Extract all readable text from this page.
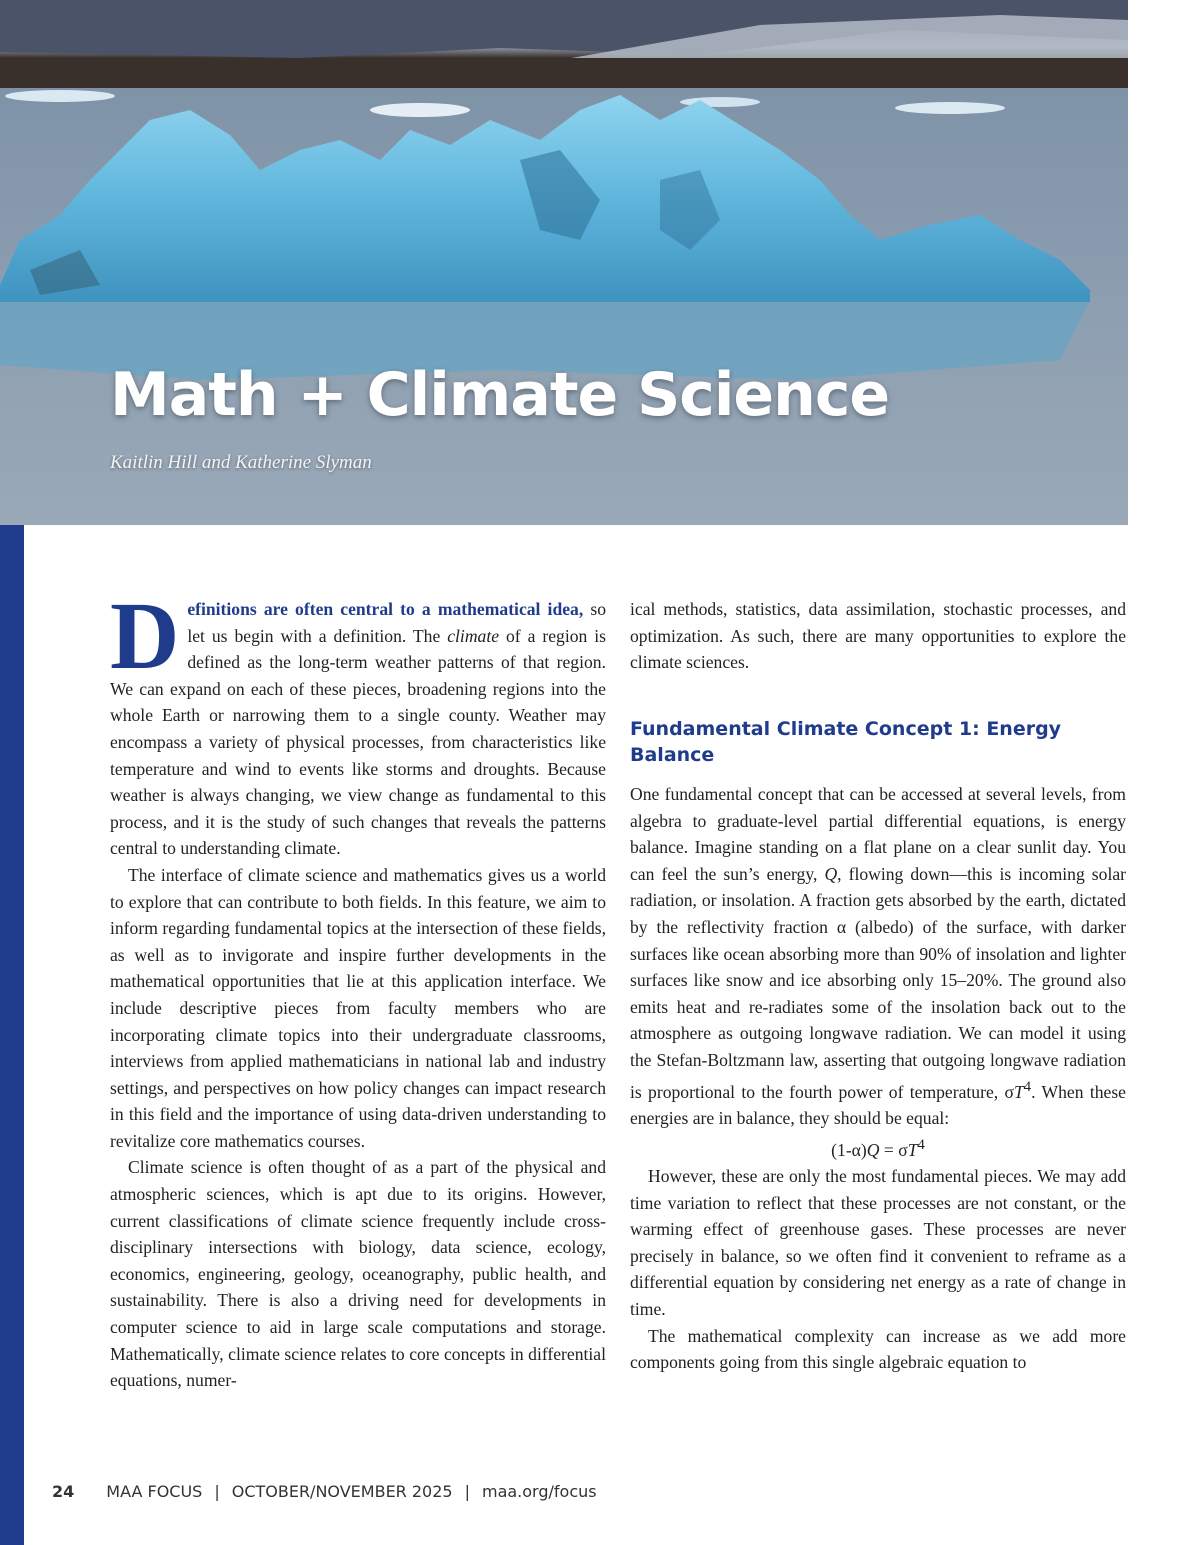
Math + Climate Science

Kaitlin Hill and Katherine Slyman

Definitions are often central to a mathematical idea, so let us begin with a definition. The climate of a region is defined as the long-term weather patterns of that region. We can expand on each of these pieces, broadening regions into the whole Earth or narrowing them to a single county. Weather may encompass a variety of physical processes, from characteristics like temperature and wind to events like storms and droughts. Because weather is always changing, we view change as fundamental to this process, and it is the study of such changes that reveals the patterns central to understanding climate.

The interface of climate science and mathematics gives us a world to explore that can contribute to both fields. In this feature, we aim to inform regarding fundamental topics at the intersection of these fields, as well as to invigorate and inspire further developments in the mathematical opportunities that lie at this application interface. We include descriptive pieces from faculty members who are incorporating climate topics into their undergraduate classrooms, interviews from applied mathematicians in national lab and industry settings, and perspectives on how policy changes can impact research in this field and the importance of using data-driven understanding to revitalize core mathematics courses.

Climate science is often thought of as a part of the physical and atmospheric sciences, which is apt due to its origins. However, current classifications of climate science frequently include cross-disciplinary intersections with biology, data science, ecology, economics, engineering, geology, oceanography, public health, and sustainability. There is also a driving need for developments in computer science to aid in large scale computations and storage. Mathematically, climate science relates to core concepts in differential equations, numer-

ical methods, statistics, data assimilation, stochastic processes, and optimization. As such, there are many opportunities to explore the climate sciences.

Fundamental Climate Concept 1: Energy Balance

One fundamental concept that can be accessed at several levels, from algebra to graduate-level partial differential equations, is energy balance. Imagine standing on a flat plane on a clear sunlit day. You can feel the sun’s energy, Q, flowing down—this is incoming solar radiation, or insolation. A fraction gets absorbed by the earth, dictated by the reflectivity fraction α (albedo) of the surface, with darker surfaces like ocean absorbing more than 90% of insolation and lighter surfaces like snow and ice absorbing only 15–20%. The ground also emits heat and re-radiates some of the insolation back out to the atmosphere as outgoing longwave radiation. We can model it using the Stefan-Boltzmann law, asserting that outgoing longwave radiation is proportional to the fourth power of temperature, $\sigma T^4$. When these energies are in balance, they should be equal:

$(1-\alpha)Q = \sigma T^4$

However, these are only the most fundamental pieces. We may add time variation to reflect that these processes are not constant, or the warming effect of greenhouse gases. These processes are never precisely in balance, so we often find it convenient to reframe as a differential equation by considering net energy as a rate of change in time.

The mathematical complexity can increase as we add more components going from this single algebraic equation to

24 MAA FOCUS | OCTOBER/NOVEMBER 2025 | maa.org/focus
